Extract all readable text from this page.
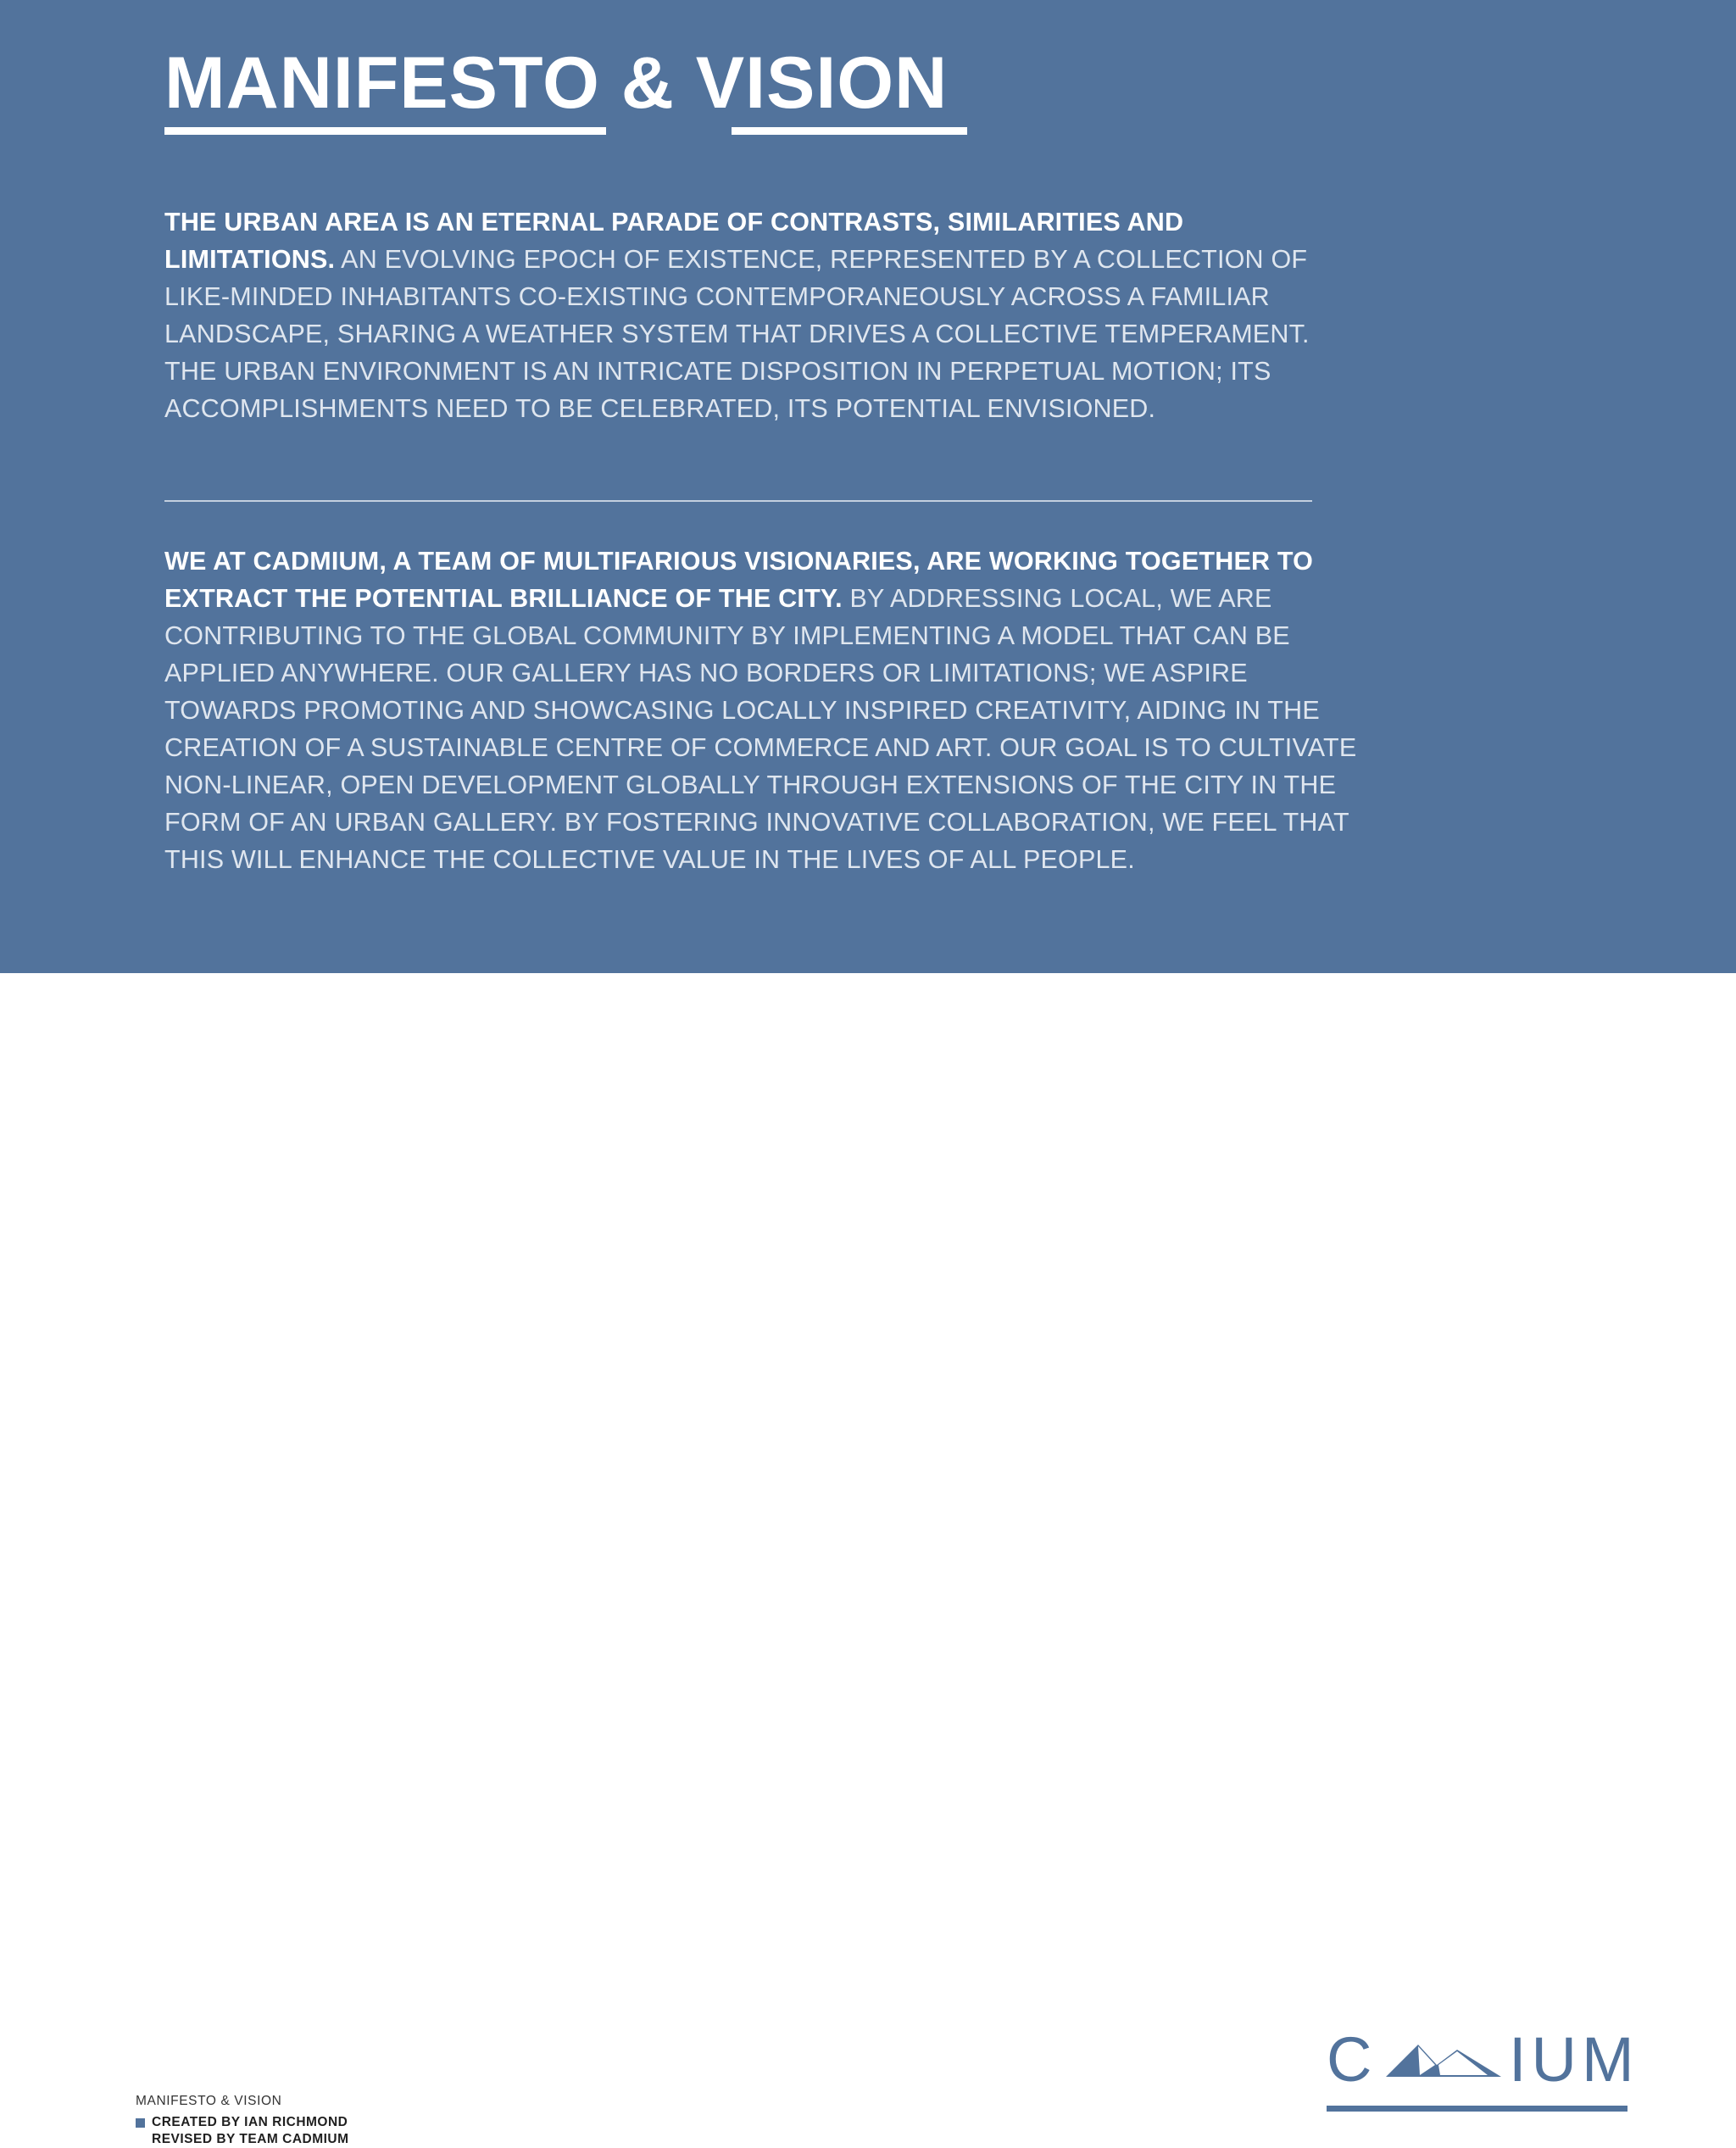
MANIFESTO & VISION
THE URBAN AREA IS AN ETERNAL PARADE OF CONTRASTS, SIMILARITIES AND LIMITATIONS. AN EVOLVING EPOCH OF EXISTENCE, REPRESENTED BY A COLLECTION OF LIKE-MINDED INHABITANTS CO-EXISTING CONTEMPORANEOUSLY ACROSS A FAMILIAR LANDSCAPE, SHARING A WEATHER SYSTEM THAT DRIVES A COLLECTIVE TEMPERAMENT. THE URBAN ENVIRONMENT IS AN INTRICATE DISPOSITION IN PERPETUAL MOTION; ITS ACCOMPLISHMENTS NEED TO BE CELEBRATED, ITS POTENTIAL ENVISIONED.
WE AT CADMIUM, A TEAM OF MULTIFARIOUS VISIONARIES, ARE WORKING TOGETHER TO EXTRACT THE POTENTIAL BRILLIANCE OF THE CITY. BY ADDRESSING LOCAL, WE ARE CONTRIBUTING TO THE GLOBAL COMMUNITY BY IMPLEMENTING A MODEL THAT CAN BE APPLIED ANYWHERE. OUR GALLERY HAS NO BORDERS OR LIMITATIONS; WE ASPIRE TOWARDS PROMOTING AND SHOWCASING LOCALLY INSPIRED CREATIVITY, AIDING IN THE CREATION OF A SUSTAINABLE CENTRE OF COMMERCE AND ART. OUR GOAL IS TO CULTIVATE NON-LINEAR, OPEN DEVELOPMENT GLOBALLY THROUGH EXTENSIONS OF THE CITY IN THE FORM OF AN URBAN GALLERY. BY FOSTERING INNOVATIVE COLLABORATION, WE FEEL THAT THIS WILL ENHANCE THE COLLECTIVE VALUE IN THE LIVES OF ALL PEOPLE.

MANIFESTO & VISION

CREATED BY IAN RICHMOND
REVISED BY TEAM CADMIUM
C IUM
